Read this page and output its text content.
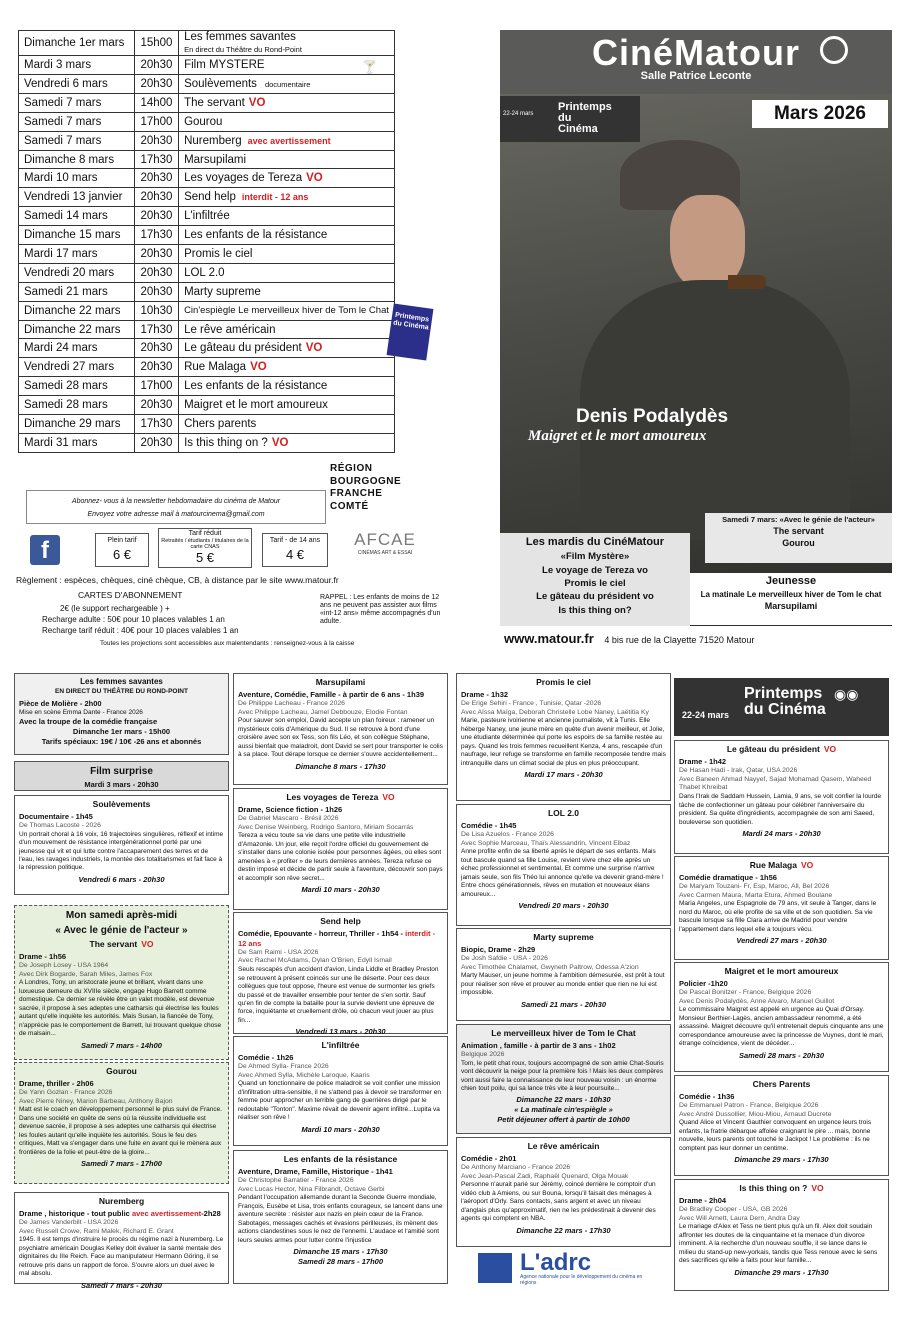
Dimanche 1er mars	15h00	Les femmes savantes
En direct du Théâtre du Rond-Point
Mardi 3 mars	20h30	Film MYSTERE
Vendredi 6 mars	20h30	Soulèvements documentaire
Samedi 7 mars	14h00	The servant VO
Samedi 7 mars	17h00	Gourou
Samedi 7 mars	20h30	Nuremberg avec avertissement
Dimanche 8 mars	17h30	Marsupilami
Mardi 10 mars	20h30	Les voyages de Tereza VO
Vendredi 13 janvier	20h30	Send help interdit - 12 ans
Samedi 14 mars	20h30	L'infiltrée
Dimanche 15 mars	17h30	Les enfants de la résistance
Mardi 17 mars	20h30	Promis le ciel
Vendredi 20 mars	20h30	LOL 2.0
Samedi 21 mars	20h30	Marty supreme
Dimanche 22 mars	10h30	Cin'espiègle Le merveilleux hiver de Tom le Chat
Dimanche 22 mars	17h30	Le rêve américain
Mardi 24 mars	20h30	Le gâteau du président VO
Vendredi 27 mars	20h30	Rue Malaga VO
Samedi 28 mars	17h00	Les enfants de la résistance
Samedi 28 mars	20h30	Maigret et le mort amoureux
Dimanche 29 mars	17h30	Chers parents
Mardi 31 mars	20h30	Is this thing on ? VO
Printemps du Cinéma
🍸
RÉGION
BOURGOGNE
FRANCHE
COMTÉ
Abonnez- vous à la newsletter hebdomadaire du cinéma de Matour
Envoyez votre adresse mail à matourcinema@gmail.com
f	Plein tarif
6 €
Tarif réduit
Retraités / étudiants / titulaires de la carte CNAS
5 €
Tarif - de 14 ans
4 €
AFCAE
CINÉMAS ART & ESSAI
Règlement : espèces, chèques, ciné chèque, CB, à distance par le site www.matour.fr
CARTES D'ABONNEMENT
2€ (le support rechargeable ) +
Recharge adulte : 50€ pour 10 places valables 1 an
Recharge tarif réduit : 40€ pour 10 places valables 1 an
RAPPEL : Les enfants de moins de 12 ans ne peuvent pas assister aux films «int-12 ans» même accompagnés d'un adulte.
Toutes les projections sont accessibles aux malentendants : renseignez-vous à la caisse
CinéMatour
Salle Patrice Leconte
Mars 2026
22-24 mars
Printemps du Cinéma
Denis Podalydès
Maigret et le mort amoureux
Samedi 7 mars: «Avec le génie de l'acteur»
The servant
Gourou
Les mardis du CinéMatour
«Film Mystère»
Le voyage de Tereza vo
Promis le ciel
Le gâteau du président vo
Is this thing on?
Jeunesse
La matinale Le merveilleux hiver de Tom le chat
Marsupilami
www.matour.fr 4 bis rue de la Clayette 71520 Matour
Les femmes savantes
EN DIRECT DU THÉÂTRE DU ROND-POINT
Pièce de Molière - 2h00
Mise en scène Emma Dante - France 2026
Avec la troupe de la comédie française
Dimanche 1er mars - 15h00
Tarifs spéciaux: 19€ / 10€ -26 ans et abonnés
Film surprise
Mardi 3 mars - 20h30
Soulèvements
Documentaire - 1h45
De Thomas Lacoste - 2026
Un portrait choral à 16 voix, 16 trajectoires singulières, réflexif et intime d'un mouvement de résistance intergénérationnel porté par une jeunesse qui vit et qui lutte contre l'accaparement des terres et de l'eau, les ravages industriels, la montée des totalitarismes et fait face à la répression politique.
Vendredi 6 mars - 20h30
Mon samedi après-midi
« Avec le génie de l'acteur »
The servant VO
Drame - 1h56
De Joseph Losey - USA 1964
Avec Dirk Bogarde, Sarah Miles, James Fox
A Londres, Tony, un aristocrate jeune et brillant, vivant dans une luxueuse demeure du XVIIIe siècle, engage Hugo Barrett comme domestique. Ce dernier se révèle être un valet modèle, est devenue sacrée, il propose à ses adeptes une catharsis qui électrise les foules autant qu'elle inquiète les autorités. Mais Susan, la fiancée de Tony, n'apprécie pas le comportement de Barrett, lui trouvant quelque chose de malsain...
Samedi 7 mars - 14h00
Gourou
Drame, thriller - 2h06
De Yann Gozlan - France 2026
Avec Pierre Niney, Marion Barbeau, Anthony Bajon
Matt est le coach en développement personnel le plus suivi de France. Dans une société en quête de sens où la réussite individuelle est devenue sacrée, il propose à ses adeptes une catharsis qui électrise les foules autant qu'elle inquiète les autorités. Sous le feu des critiques, Matt va s'engager dans une fuite en avant qui le mènera aux frontières de la folie et peut-être de la gloire...
Samedi 7 mars - 17h00
Nuremberg
Drame , historique - tout public avec avertissement-2h28
De James Vanderbilt - USA 2026
Avec Russell Crowe, Rami Malek, Richard E. Grant
1945. Il est temps d'instruire le procès du régime nazi à Nuremberg. Le psychiatre américain Douglas Kelley doit évaluer la santé mentale des dignitaires du IIIe Reich. Face au manipulateur Hermann Göring, il se retrouve pris dans un rapport de force. S'ouvre alors un duel avec le mal absolu.
Samedi 7 mars - 20h30
Marsupilami
Aventure, Comédie, Famille - à partir de 6 ans - 1h39
De Philippe Lacheau - France 2026
Avec Philippe Lacheau, Jamel Debbouze, Elodie Fontan
Pour sauver son emploi, David accepte un plan foireux : ramener un mystérieux colis d'Amérique du Sud. Il se retrouve à bord d'une croisière avec son ex Tess, son fils Léo, et son collègue Stéphane, aussi bienfait que maladroit, dont David se sert pour transporter le colis à sa place. Tout dérape lorsque ce dernier s'ouvre accidentellement...
Dimanche 8 mars - 17h30
Les voyages de Tereza VO
Drame, Science fiction - 1h26
De Gabriel Mascaro - Brésil 2026
Avec Denise Weinberg, Rodrigo Santoro, Miriam Socarrás
Tereza a vécu toute sa vie dans une petite ville industrielle d'Amazonie. Un jour, elle reçoit l'ordre officiel du gouvernement de s'installer dans une colonie isolée pour personnes âgées, où elles sont amenées à « profiter » de leurs dernières années. Tereza refuse ce destin imposé et décide de partir seule à l'aventure, découvrir son pays et accomplir son rêve secret...
Mardi 10 mars - 20h30
Send help
Comédie, Epouvante - horreur, Thriller - 1h54 - interdit - 12 ans
De Sam Raimi - USA 2026
Avec Rachel McAdams, Dylan O'Brien, Edyll Ismail
Seuls rescapés d'un accident d'avion, Linda Liddle et Bradley Preston se retrouvent à présent coincés sur une île déserte. Pour ces deux collègues que tout oppose, l'heure est venue de surmonter les griefs du passé et de travailler ensemble pour tenter de s'en sortir. Sauf qu'en fin de compte la bataille pour la survie devient une épreuve de force, inquiétante et cruellement drôle, où chacun veut jouer au plus fin...
Vendredi 13 mars - 20h30
L'infiltrée
Comédie - 1h26
De Ahmed Sylla- France 2026
Avec Ahmed Sylla, Michèle Laroque, Kaaris
Quand un fonctionnaire de police maladroit se voit confier une mission d'infiltration ultra-sensible, il ne s'attend pas à devoir se transformer en femme pour approcher un terrible gang de guerrières dirigé par le redoutable "Tonton". Maxime révait de devenir agent infiltré...Lupita va réaliser son rêve !
Mardi 10 mars - 20h30
Les enfants de la résistance
Aventure, Drame, Famille, Historique - 1h41
De Christophe Barratier - France 2026
Avec Lucas Hector, Nina Filbrandt, Octave Gerbi
Pendant l'occupation allemande durant la Seconde Guerre mondiale, François, Eusèbe et Lisa, trois enfants courageux, se lancent dans une aventure secrète : résister aux nazis en plein cœur de la France. Sabotages, messages cachés et évasions périlleuses, ils mènent des actions clandestines sous le nez de l'ennemi. L'audace et l'amitié sont leurs seules armes pour lutter contre l'injustice
Dimanche 15 mars - 17h30
Samedi 28 mars - 17h00
Promis le ciel
Drame - 1h32
De Erige Sehiri - France , Tunisie, Qatar -2026
Avec Aïssa Maïga, Deborah Christelle Lobe Naney, Laëtitia Ky
Marie, pasteure ivoirienne et ancienne journaliste, vit à Tunis. Elle héberge Naney, une jeune mère en quête d'un avenir meilleur, et Jolie, une étudiante déterminée qui porte les espoirs de sa famille restée au pays. Quand les trois femmes recueillent Kenza, 4 ans, rescapée d'un naufrage, leur refuge se transforme en famille recomposée tendre mais intranquille dans un climat social de plus en plus préoccupant.
Mardi 17 mars - 20h30
LOL 2.0
Comédie - 1h45
De Lisa Azuelos - France 2026
Avec Sophie Marceau, Thaïs Alessandrin, Vincent Elbaz
Anne profite enfin de sa liberté après le départ de ses enfants. Mais tout bascule quand sa fille Louise, revient vivre chez elle après un échec professionnel et sentimental. Et comme une surprise n'arrive jamais seule, son fils Théo lui annonce qu'elle va devenir grand-mère ! Entre chocs générationnels, rêves en mutation et nouveaux élans amoureux...
Vendredi 20 mars - 20h30
Marty supreme
Biopic, Drame - 2h29
De Josh Safdie - USA - 2026
Avec Timothée Chalamet, Gwyneth Paltrow, Odessa A'zion
Marty Mauser, un jeune homme à l'ambition démesurée, est prêt à tout pour réaliser son rêve et prouver au monde entier que rien ne lui est impossible.
Samedi 21 mars - 20h30
Le merveilleux hiver de Tom le Chat
Animation , famille - à partir de 3 ans - 1h02
Belgique 2026
Tom, le petit chat roux, toujours accompagné de son amie Chat-Souris vont découvrir la neige pour la première fois ! Mais les deux compères vont aussi faire la connaissance de leur nouveau voisin : un énorme chien tout poilu, qui sa lance très vite à leur poursuite...
Dimanche 22 mars - 10h30
« La matinale cin'espiègle »
Petit déjeuner offert à partir de 10h00
Le rêve américain
Comédie - 2h01
De Anthony Marciano - France 2026
Avec Jean-Pascal Zadi, Raphaël Quenard, Olga Mouak
Personne n'aurait parié sur Jérémy, coincé derrière le comptoir d'un vidéo club à Amiens, ou sur Bouna, lorsqu'il faisait des ménages à l'aéroport d'Orly. Sans contacts, sans argent et avec un niveau d'anglais plus qu'approximatif, rien ne les prédestinait à devenir des agents qui comptent en NBA.
Dimanche 22 mars - 17h30
L'adrc
Agence nationale pour le développement du cinéma en régions
Printemps du Cinéma
22-24 mars
◉◉
Le gâteau du président VO
Drame - 1h42
De Hasan Hadi - Irak, Qatar, USA 2026
Avec Baneen Ahmad Nayyef, Sajad Mohamad Qasem, Waheed Thabet Khreibat
Dans l'Irak de Saddam Hussein, Lamia, 9 ans, se voit confier la lourde tâche de confectionner un gâteau pour célébrer l'anniversaire du président. Sa quête d'ingrédients, accompagnée de son ami Saeed, bouleverse son quotidien.
Mardi 24 mars - 20h30
Rue Malaga VO
Comédie dramatique - 1h56
De Maryam Touzani- Fr, Esp, Maroc, All, Bel 2026
Avec Carmen Maura, Marta Etura, Ahmed Boulane
Maria Angeles, une Espagnole de 79 ans, vit seule à Tanger, dans le nord du Maroc, où elle profite de sa ville et de son quotidien. Sa vie bascule lorsque sa fille Clara arrive de Madrid pour vendre l'appartement dans lequel elle a toujours vécu.
Vendredi 27 mars - 20h30
Maigret et le mort amoureux
Policier -1h20
De Pascal Bonitzer - France, Belgique 2026
Avec Denis Podalydès, Anne Alvaro, Manuel Guillot
Le commissaire Maigret est appelé en urgence au Quai d'Orsay. Monsieur Berthier-Lagès, ancien ambassadeur renommé, a été assassiné. Maigret découvre qu'il entretenait depuis cinquante ans une correspondance amoureuse avec la princesse de Vuynes, dont le mari, étrange coïncidence, vient de décéder...
Samedi 28 mars - 20h30
Chers Parents
Comédie - 1h36
De Emmanuel Patron - France, Belgique 2026
Avec André Dussollier, Miou-Miou, Arnaud Ducrete
Quand Alice et Vincent Gauthier convoquent en urgence leurs trois enfants, la fratrie débarque affolée craignant le pire ... mais, bonne nouvelle, leurs parents ont touché le Jackpot ! Le problème : ils ne comptent pas leur donner un centime.
Dimanche 29 mars - 17h30
Is this thing on ? VO
Drame - 2h04
De Bradley Cooper - USA, GB 2026
Avec Will Arnett, Laura Dern, Andra Day
Le mariage d'Alex et Tess ne tient plus qu'à un fil. Alex doit soudain affronter les doutes de la cinquantaine et la menace d'un divorce imminent. A la recherche d'un nouveau souffle, il se lance dans le milieu du stand-up new-yorkais, tandis que Tess renoue avec le sens des sacrifices qu'elle a faits pour leur famille...
Dimanche 29 mars - 17h30
